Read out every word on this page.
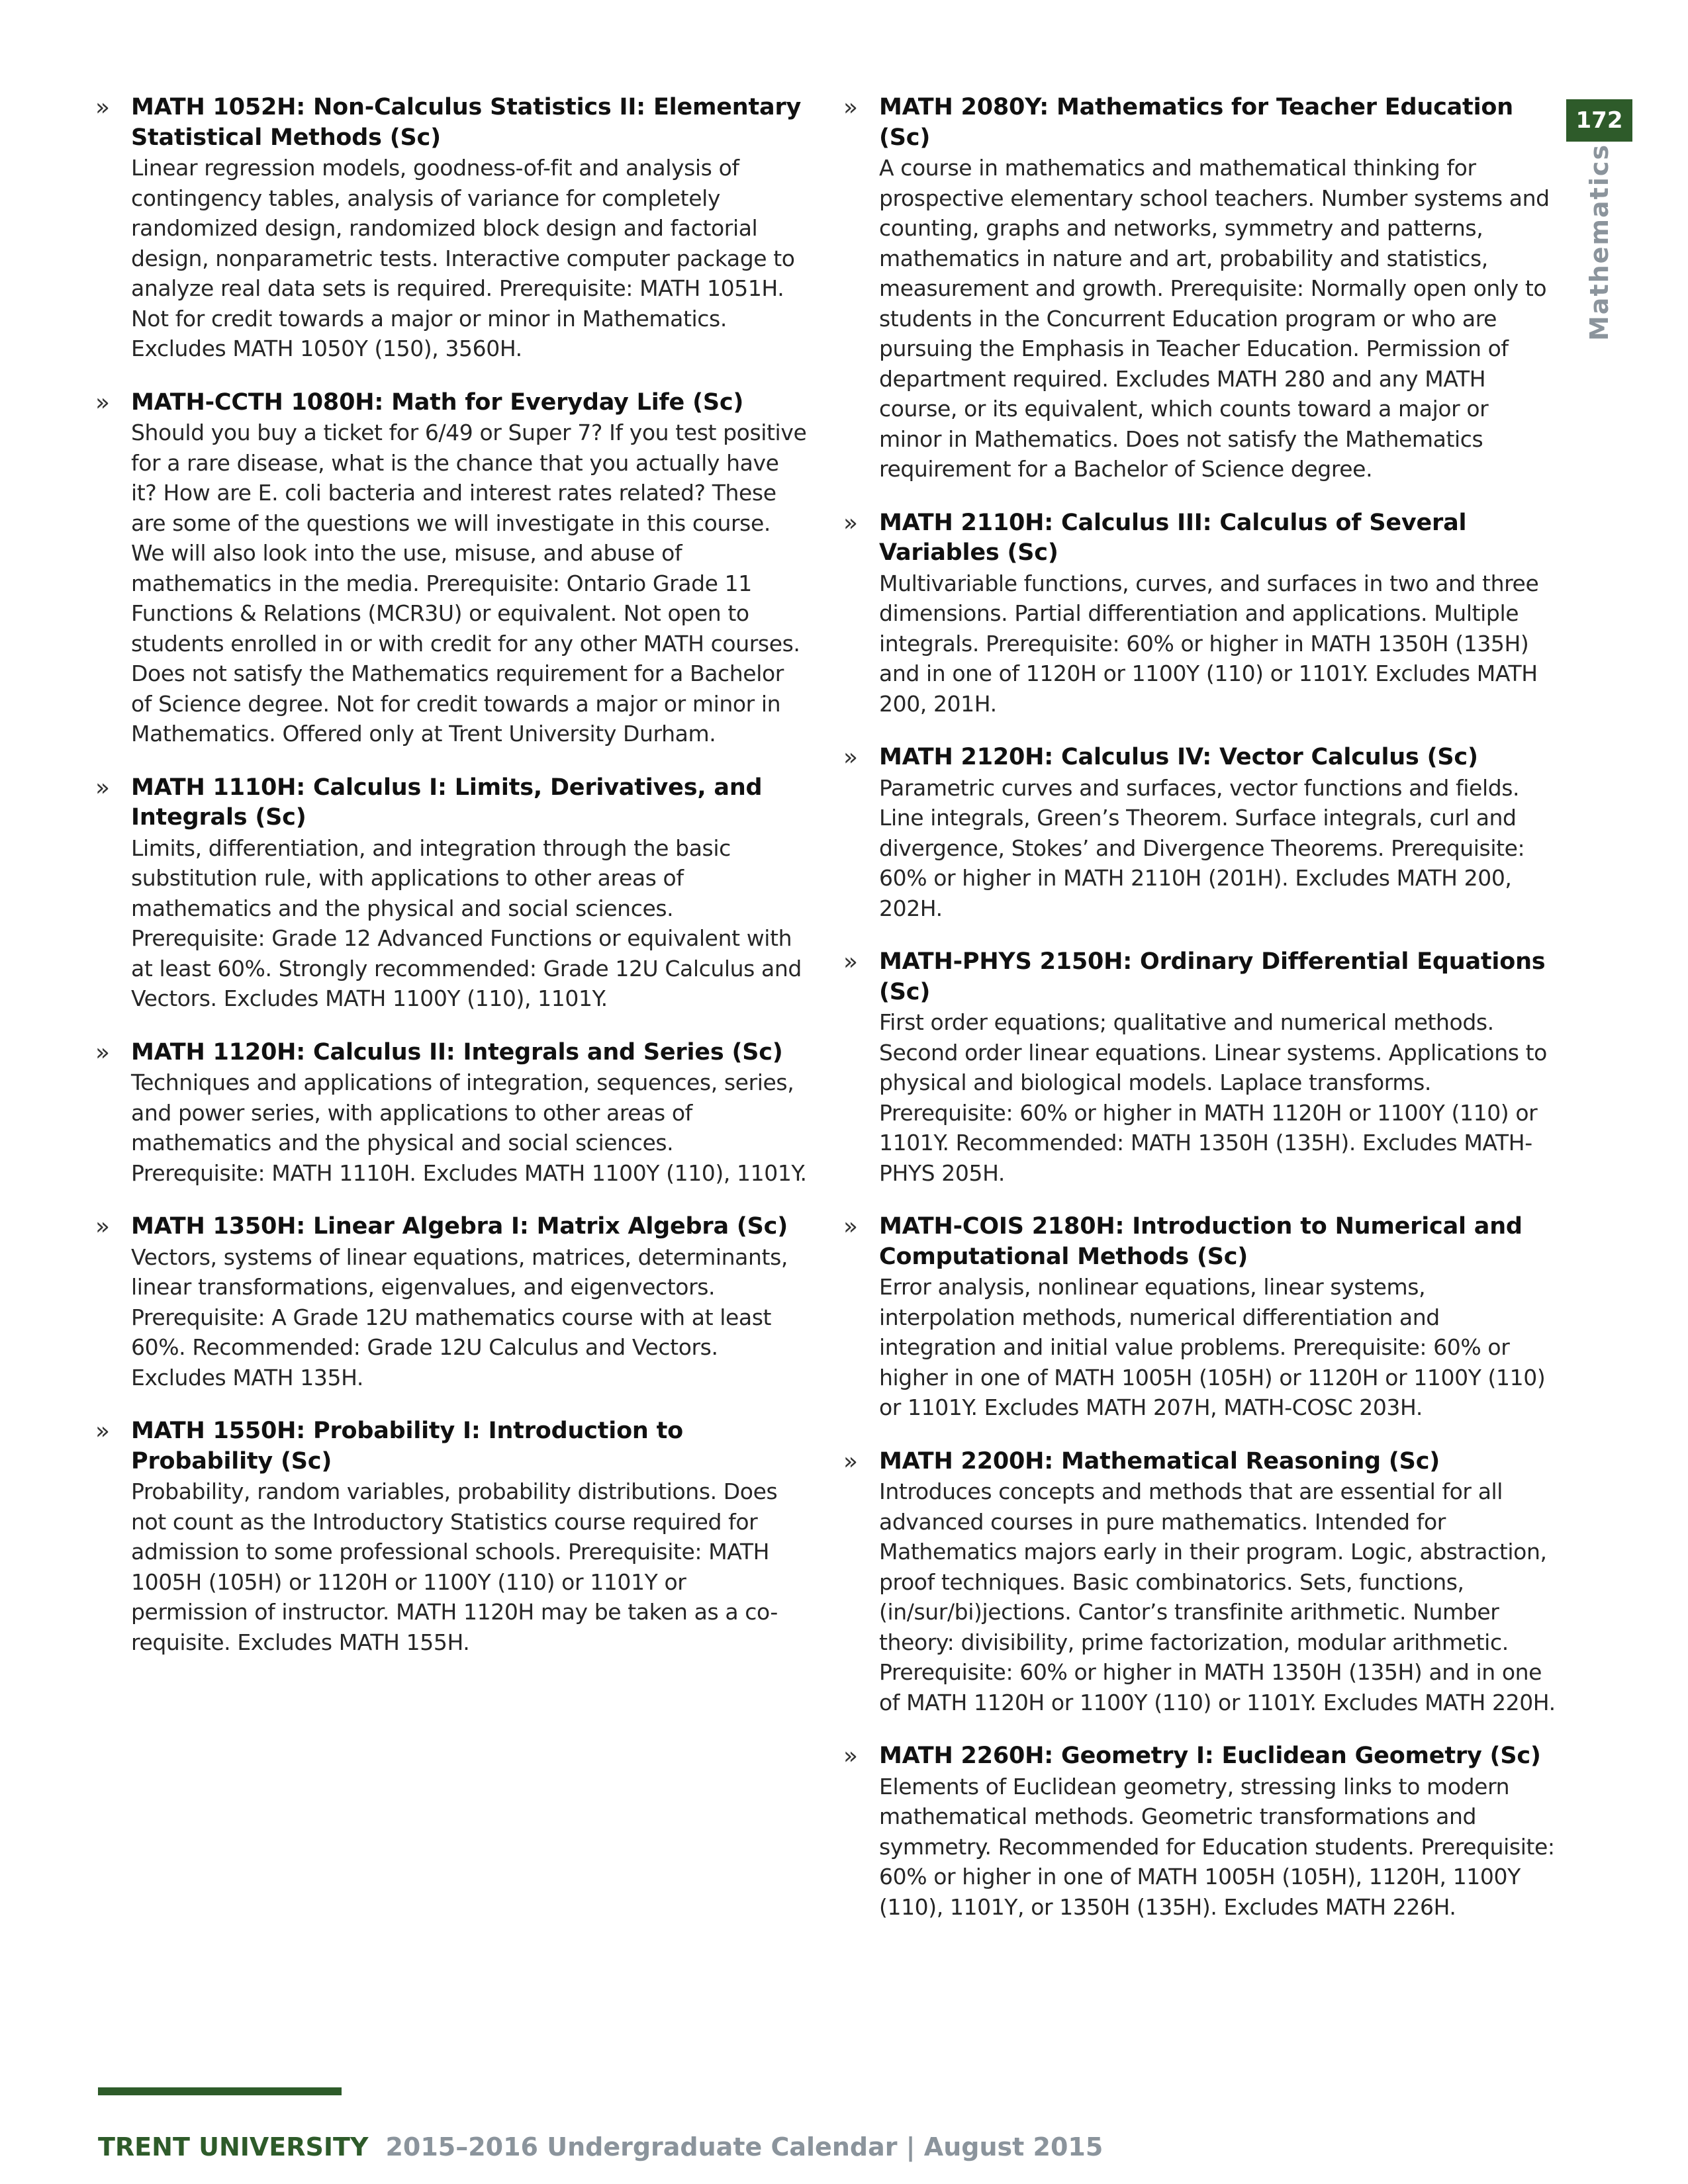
» MATH 1052H: Non-Calculus Statistics II: Elementary Statistical Methods (Sc)
Linear regression models, goodness-of-fit and analysis of contingency tables, analysis of variance for completely randomized design, randomized block design and factorial design, nonparametric tests. Interactive computer package to analyze real data sets is required. Prerequisite: MATH 1051H. Not for credit towards a major or minor in Mathematics. Excludes MATH 1050Y (150), 3560H.
» MATH-CCTH 1080H: Math for Everyday Life (Sc)
Should you buy a ticket for 6/49 or Super 7? If you test positive for a rare disease, what is the chance that you actually have it? How are E. coli bacteria and interest rates related? These are some of the questions we will investigate in this course. We will also look into the use, misuse, and abuse of mathematics in the media. Prerequisite: Ontario Grade 11 Functions & Relations (MCR3U) or equivalent. Not open to students enrolled in or with credit for any other MATH courses. Does not satisfy the Mathematics requirement for a Bachelor of Science degree. Not for credit towards a major or minor in Mathematics. Offered only at Trent University Durham.
» MATH 1110H: Calculus I: Limits, Derivatives, and Integrals (Sc)
Limits, differentiation, and integration through the basic substitution rule, with applications to other areas of mathematics and the physical and social sciences. Prerequisite: Grade 12 Advanced Functions or equivalent with at least 60%. Strongly recommended: Grade 12U Calculus and Vectors. Excludes MATH 1100Y (110), 1101Y.
» MATH 1120H: Calculus II: Integrals and Series (Sc)
Techniques and applications of integration, sequences, series, and power series, with applications to other areas of mathematics and the physical and social sciences. Prerequisite: MATH 1110H. Excludes MATH 1100Y (110), 1101Y.
» MATH 1350H: Linear Algebra I: Matrix Algebra (Sc)
Vectors, systems of linear equations, matrices, determinants, linear transformations, eigenvalues, and eigenvectors. Prerequisite: A Grade 12U mathematics course with at least 60%. Recommended: Grade 12U Calculus and Vectors. Excludes MATH 135H.
» MATH 1550H: Probability I: Introduction to Probability (Sc)
Probability, random variables, probability distributions. Does not count as the Introductory Statistics course required for admission to some professional schools. Prerequisite: MATH 1005H (105H) or 1120H or 1100Y (110) or 1101Y or permission of instructor. MATH 1120H may be taken as a co-requisite. Excludes MATH 155H.
» MATH 2080Y: Mathematics for Teacher Education (Sc)
A course in mathematics and mathematical thinking for prospective elementary school teachers. Number systems and counting, graphs and networks, symmetry and patterns, mathematics in nature and art, probability and statistics, measurement and growth. Prerequisite: Normally open only to students in the Concurrent Education program or who are pursuing the Emphasis in Teacher Education. Permission of department required. Excludes MATH 280 and any MATH course, or its equivalent, which counts toward a major or minor in Mathematics. Does not satisfy the Mathematics requirement for a Bachelor of Science degree.
» MATH 2110H: Calculus III: Calculus of Several Variables (Sc)
Multivariable functions, curves, and surfaces in two and three dimensions. Partial differentiation and applications. Multiple integrals. Prerequisite: 60% or higher in MATH 1350H (135H) and in one of 1120H or 1100Y (110) or 1101Y. Excludes MATH 200, 201H.
» MATH 2120H: Calculus IV: Vector Calculus (Sc)
Parametric curves and surfaces, vector functions and fields. Line integrals, Green’s Theorem. Surface integrals, curl and divergence, Stokes’ and Divergence Theorems. Prerequisite: 60% or higher in MATH 2110H (201H). Excludes MATH 200, 202H.
» MATH-PHYS 2150H: Ordinary Differential Equations (Sc)
First order equations; qualitative and numerical methods. Second order linear equations. Linear systems. Applications to physical and biological models. Laplace transforms. Prerequisite: 60% or higher in MATH 1120H or 1100Y (110) or 1101Y. Recommended: MATH 1350H (135H). Excludes MATH-PHYS 205H.
» MATH-COIS 2180H: Introduction to Numerical and Computational Methods (Sc)
Error analysis, nonlinear equations, linear systems, interpolation methods, numerical differentiation and integration and initial value problems. Prerequisite: 60% or higher in one of MATH 1005H (105H) or 1120H or 1100Y (110) or 1101Y. Excludes MATH 207H, MATH-COSC 203H.
» MATH 2200H: Mathematical Reasoning (Sc)
Introduces concepts and methods that are essential for all advanced courses in pure mathematics. Intended for Mathematics majors early in their program. Logic, abstraction, proof techniques. Basic combinatorics. Sets, functions, (in/sur/bi)jections. Cantor’s transfinite arithmetic. Number theory: divisibility, prime factorization, modular arithmetic. Prerequisite: 60% or higher in MATH 1350H (135H) and in one of MATH 1120H or 1100Y (110) or 1101Y. Excludes MATH 220H.
» MATH 2260H: Geometry I: Euclidean Geometry (Sc)
Elements of Euclidean geometry, stressing links to modern mathematical methods. Geometric transformations and symmetry. Recommended for Education students. Prerequisite: 60% or higher in one of MATH 1005H (105H), 1120H, 1100Y (110), 1101Y, or 1350H (135H). Excludes MATH 226H.
172
Mathematics
TRENT UNIVERSITY 2015–2016 Undergraduate Calendar | August 2015
